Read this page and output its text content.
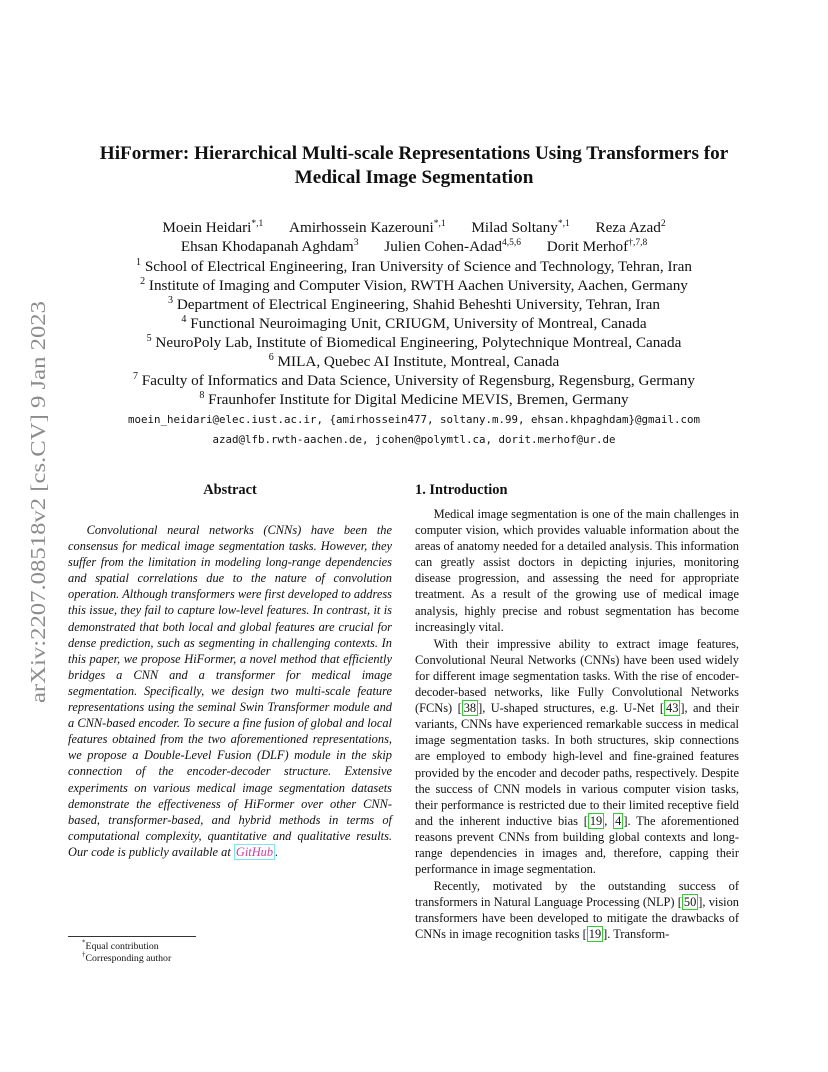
arXiv:2207.08518v2 [cs.CV] 9 Jan 2023
HiFormer: Hierarchical Multi-scale Representations Using Transformers for
Medical Image Segmentation
Moein Heidari$^{*,1}$ Amirhossein Kazerouni$^{*,1}$ Milad Soltany$^{*,1}$ Reza Azad$^2$
Ehsan Khodapanah Aghdam$^3$ Julien Cohen-Adad$^{4,5,6}$ Dorit Merhof$^{\dagger,7,8}$
$^1$ School of Electrical Engineering, Iran University of Science and Technology, Tehran, Iran
$^2$ Institute of Imaging and Computer Vision, RWTH Aachen University, Aachen, Germany
$^3$ Department of Electrical Engineering, Shahid Beheshti University, Tehran, Iran
$^4$ Functional Neuroimaging Unit, CRIUGM, University of Montreal, Canada
$^5$ NeuroPoly Lab, Institute of Biomedical Engineering, Polytechnique Montreal, Canada
$^6$ MILA, Quebec AI Institute, Montreal, Canada
$^7$ Faculty of Informatics and Data Science, University of Regensburg, Regensburg, Germany
$^8$ Fraunhofer Institute for Digital Medicine MEVIS, Bremen, Germany
moein_heidari@elec.iust.ac.ir, {amirhossein477, soltany.m.99, ehsan.khpaghdam}@gmail.com
azad@lfb.rwth-aachen.de, jcohen@polymtl.ca, dorit.merhof@ur.de
Abstract

Convolutional neural networks (CNNs) have been the consensus for medical image segmentation tasks. However, they suffer from the limitation in modeling long-range dependencies and spatial correlations due to the nature of convolution operation. Although transformers were first developed to address this issue, they fail to capture low-level features. In contrast, it is demonstrated that both local and global features are crucial for dense prediction, such as segmenting in challenging contexts. In this paper, we propose HiFormer, a novel method that efficiently bridges a CNN and a transformer for medical image segmentation. Specifically, we design two multi-scale feature representations using the seminal Swin Transformer module and a CNN-based encoder. To secure a fine fusion of global and local features obtained from the two aforementioned representations, we propose a Double-Level Fusion (DLF) module in the skip connection of the encoder-decoder structure. Extensive experiments on various medical image segmentation datasets demonstrate the effectiveness of HiFormer over other CNN-based, transformer-based, and hybrid methods in terms of computational complexity, quantitative and qualitative results. Our code is publicly available at GitHub .

1. Introduction

Medical image segmentation is one of the main challenges in computer vision, which provides valuable information about the areas of anatomy needed for a detailed analysis. This information can greatly assist doctors in depicting injuries, monitoring disease progression, and assessing the need for appropriate treatment. As a result of the growing use of medical image analysis, highly precise and robust segmentation has become increasingly vital.

With their impressive ability to extract image features, Convolutional Neural Networks (CNNs) have been used widely for different image segmentation tasks. With the rise of encoder-decoder-based networks, like Fully Convolutional Networks (FCNs) [ 38 ], U-shaped structures, e.g. U-Net [ 43 ], and their variants, CNNs have experienced remarkable success in medical image segmentation tasks. In both structures, skip connections are employed to embody high-level and fine-grained features provided by the encoder and decoder paths, respectively. Despite the success of CNN models in various computer vision tasks, their performance is restricted due to their limited receptive field and the inherent inductive bias [ 19 , 4 ]. The aforementioned reasons prevent CNNs from building global contexts and long-range dependencies in images and, therefore, capping their performance in image segmentation.

Recently, motivated by the outstanding success of transformers in Natural Language Processing (NLP) [ 50 ], vision transformers have been developed to mitigate the drawbacks of CNNs in image recognition tasks [ 19 ]. Transform-

*Equal contribution
†Corresponding author
